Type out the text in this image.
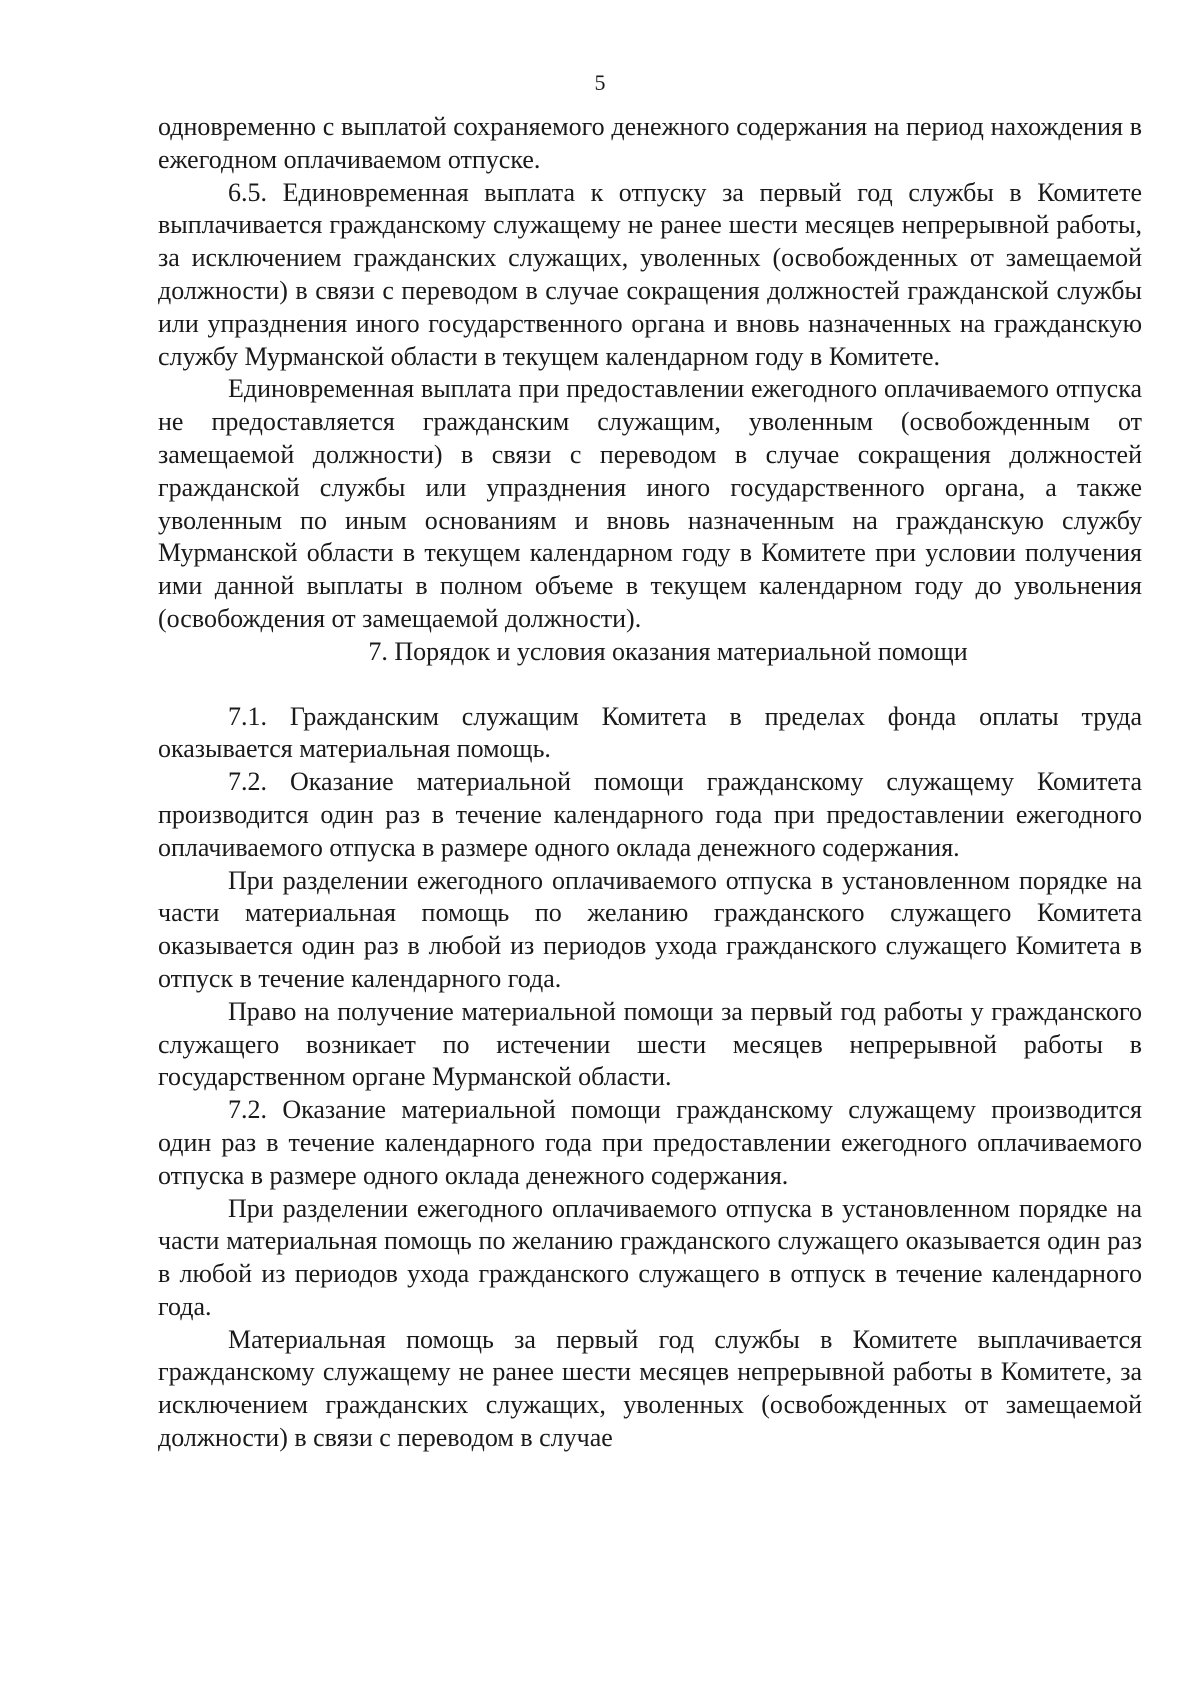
5

одновременно с выплатой сохраняемого денежного содержания на период нахождения в ежегодном оплачиваемом отпуске.

6.5. Единовременная выплата к отпуску за первый год службы в Комитете выплачивается гражданскому служащему не ранее шести месяцев непрерывной работы, за исключением гражданских служащих, уволенных (освобожденных от замещаемой должности) в связи с переводом в случае сокращения должностей гражданской службы или упразднения иного государственного органа и вновь назначенных на гражданскую службу Мурманской области в текущем календарном году в Комитете.

Единовременная выплата при предоставлении ежегодного оплачиваемого отпуска не предоставляется гражданским служащим, уволенным (освобожденным от замещаемой должности) в связи с переводом в случае сокращения должностей гражданской службы или упразднения иного государственного органа, а также уволенным по иным основаниям и вновь назначенным на гражданскую службу Мурманской области в текущем календарном году в Комитете при условии получения ими данной выплаты в полном объеме в текущем календарном году до увольнения (освобождения от замещаемой должности).

7. Порядок и условия оказания материальной помощи

7.1. Гражданским служащим Комитета в пределах фонда оплаты труда оказывается материальная помощь.

7.2. Оказание материальной помощи гражданскому служащему Комитета производится один раз в течение календарного года при предоставлении ежегодного оплачиваемого отпуска в размере одного оклада денежного содержания.

При разделении ежегодного оплачиваемого отпуска в установленном порядке на части материальная помощь по желанию гражданского служащего Комитета оказывается один раз в любой из периодов ухода гражданского служащего Комитета в отпуск в течение календарного года.

Право на получение материальной помощи за первый год работы у гражданского служащего возникает по истечении шести месяцев непрерывной работы в государственном органе Мурманской области.

7.2. Оказание материальной помощи гражданскому служащему производится один раз в течение календарного года при предоставлении ежегодного оплачиваемого отпуска в размере одного оклада денежного содержания.

При разделении ежегодного оплачиваемого отпуска в установленном порядке на части материальная помощь по желанию гражданского служащего оказывается один раз в любой из периодов ухода гражданского служащего в отпуск в течение календарного года.

Материальная помощь за первый год службы в Комитете выплачивается гражданскому служащему не ранее шести месяцев непрерывной работы в Комитете, за исключением гражданских служащих, уволенных (освобожденных от замещаемой должности) в связи с переводом в случае
